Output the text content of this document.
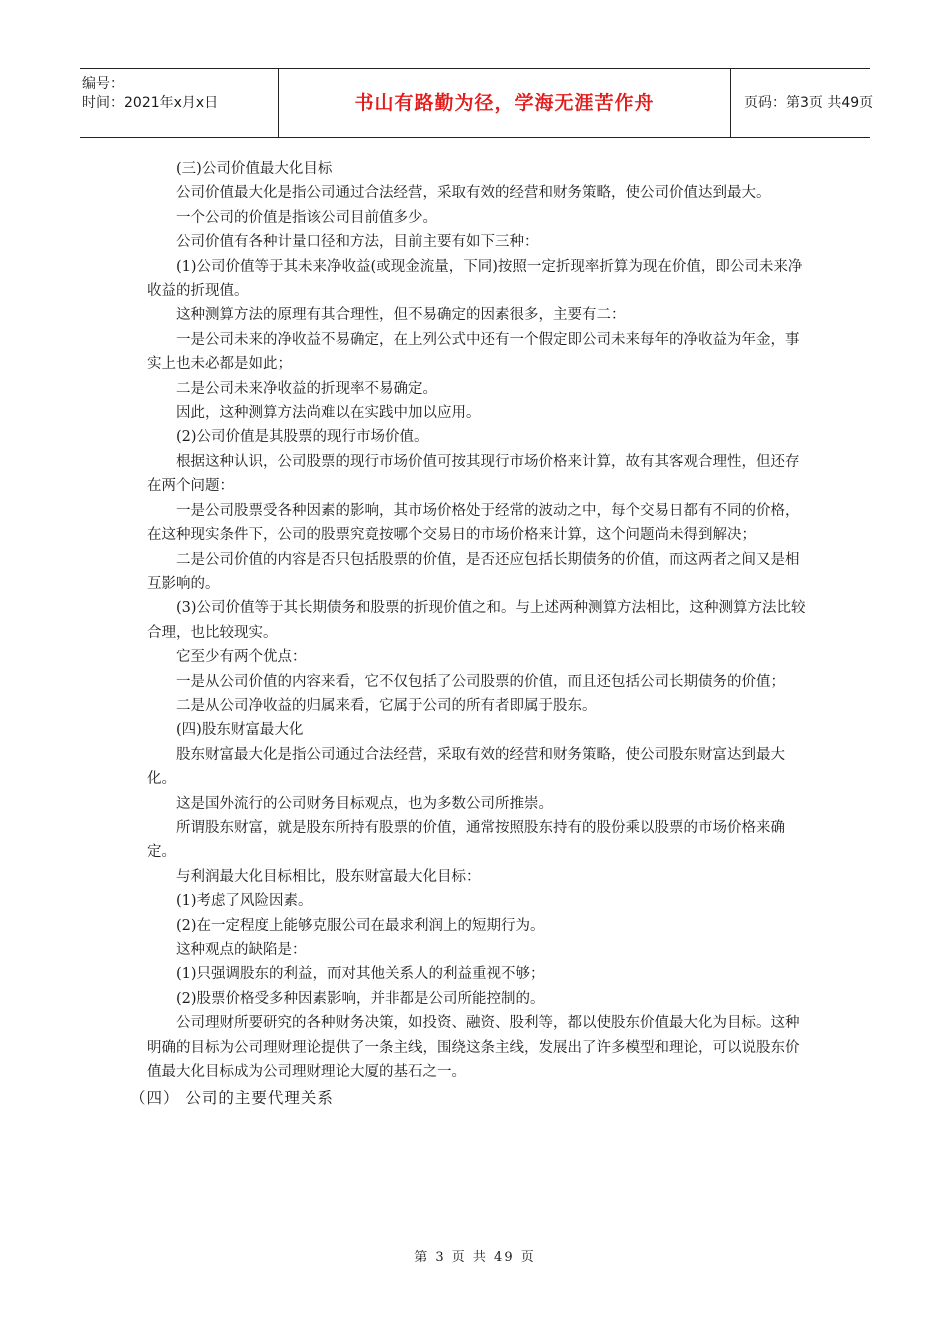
编号：
时间：2021年x月x日	书山有路勤为径，学海无涯苦作舟	页码：第3页 共49页

(三)公司价值最大化目标

公司价值最大化是指公司通过合法经营，采取有效的经营和财务策略，使公司价值达到最大。

一个公司的价值是指该公司目前值多少。

公司价值有各种计量口径和方法，目前主要有如下三种：

(1)公司价值等于其未来净收益(或现金流量，下同)按照一定折现率折算为现在价值，即公司未来净收益的折现值。

这种测算方法的原理有其合理性，但不易确定的因素很多，主要有二：

一是公司未来的净收益不易确定，在上列公式中还有一个假定即公司未来每年的净收益为年金，事实上也未必都是如此；

二是公司未来净收益的折现率不易确定。

因此，这种测算方法尚难以在实践中加以应用。

(2)公司价值是其股票的现行市场价值。

根据这种认识，公司股票的现行市场价值可按其现行市场价格来计算，故有其客观合理性，但还存在两个问题：

一是公司股票受各种因素的影响，其市场价格处于经常的波动之中，每个交易日都有不同的价格，在这种现实条件下，公司的股票究竟按哪个交易日的市场价格来计算，这个问题尚未得到解决；

二是公司价值的内容是否只包括股票的价值，是否还应包括长期债务的价值，而这两者之间又是相互影响的。

(3)公司价值等于其长期债务和股票的折现价值之和。与上述两种测算方法相比，这种测算方法比较合理，也比较现实。

它至少有两个优点：

一是从公司价值的内容来看，它不仅包括了公司股票的价值，而且还包括公司长期债务的价值；

二是从公司净收益的归属来看，它属于公司的所有者即属于股东。

(四)股东财富最大化

股东财富最大化是指公司通过合法经营，采取有效的经营和财务策略，使公司股东财富达到最大化。

这是国外流行的公司财务目标观点，也为多数公司所推崇。

所谓股东财富，就是股东所持有股票的价值，通常按照股东持有的股份乘以股票的市场价格来确定。

与利润最大化目标相比，股东财富最大化目标：

(1)考虑了风险因素。

(2)在一定程度上能够克服公司在最求利润上的短期行为。

这种观点的缺陷是：

(1)只强调股东的利益，而对其他关系人的利益重视不够；

(2)股票价格受多种因素影响，并非都是公司所能控制的。

公司理财所要研究的各种财务决策，如投资、融资、股利等，都以使股东价值最大化为目标。这种明确的目标为公司理财理论提供了一条主线，围绕这条主线，发展出了许多模型和理论，可以说股东价值最大化目标成为公司理财理论大厦的基石之一。

（四） 公司的主要代理关系

第 3 页 共 49 页
